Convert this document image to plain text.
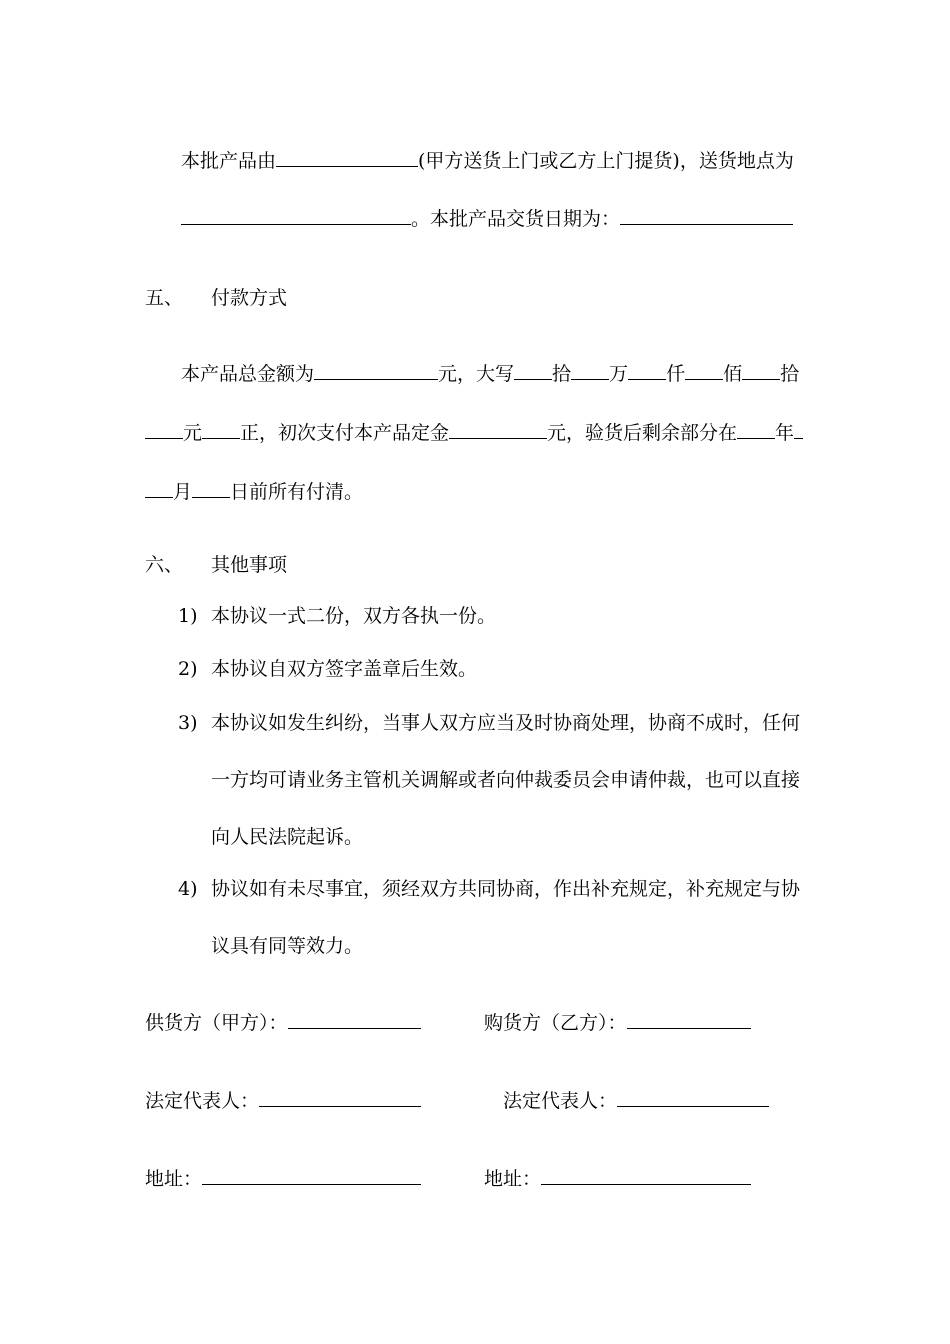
本批产品由	(甲方送货上门或乙方上门提货)，送货地点为
。本批产品交货日期为：
五、 付款方式
本产品总金额为	元，大写 拾 万 仟 佰 拾
元 正，初次支付本产品定金	元，验货后剩余部分在 年
月 日前所有付清。
六、 其他事项
1) 本协议一式二份，双方各执一份。
2) 本协议自双方签字盖章后生效。
3) 本协议如发生纠纷，当事人双方应当及时协商处理，协商不成时，任何
一方均可请业务主管机关调解或者向仲裁委员会申请仲裁，也可以直接
向人民法院起诉。
4) 协议如有未尽事宜，须经双方共同协商，作出补充规定，补充规定与协
议具有同等效力。
供货方（甲方）：	购货方（乙方）：
法定代表人：	法定代表人：
地址：	地址：
